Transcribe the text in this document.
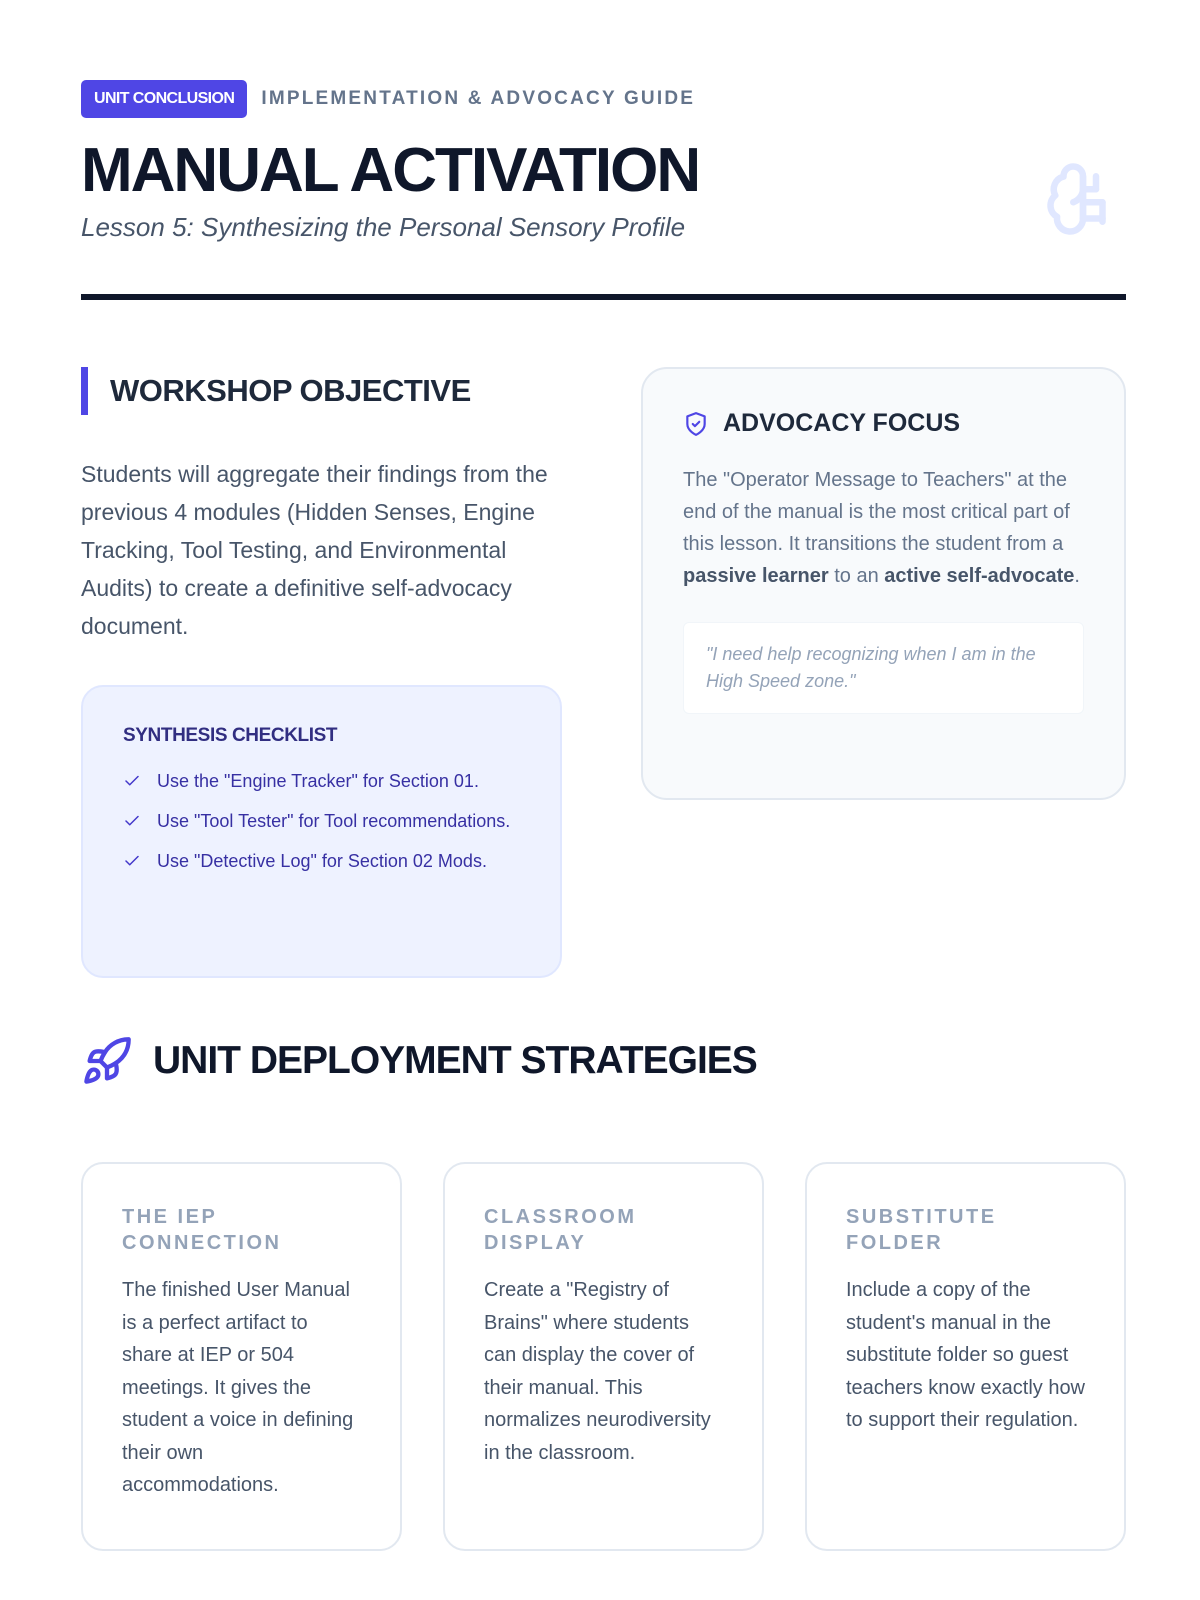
UNIT CONCLUSION	IMPLEMENTATION & ADVOCACY GUIDE
MANUAL ACTIVATION
Lesson 5: Synthesizing the Personal Sensory Profile
WORKSHOP OBJECTIVE

Students will aggregate their findings from the previous 4 modules (Hidden Senses, Engine Tracking, Tool Testing, and Environmental Audits) to create a definitive self-advocacy document.

SYNTHESIS CHECKLIST
Use the "Engine Tracker" for Section 01.
Use "Tool Tester" for Tool recommendations.
Use "Detective Log" for Section 02 Mods.
ADVOCACY FOCUS

The "Operator Message to Teachers" at the end of the manual is the most critical part of this lesson. It transitions the student from a passive learner to an active self-advocate.

"I need help recognizing when I am in the High Speed zone."
UNIT DEPLOYMENT STRATEGIES
THE IEP CONNECTION

The finished User Manual is a perfect artifact to share at IEP or 504 meetings. It gives the student a voice in defining their own accommodations.

CLASSROOM DISPLAY

Create a "Registry of Brains" where students can display the cover of their manual. This normalizes neurodiversity in the classroom.

SUBSTITUTE FOLDER

Include a copy of the student's manual in the substitute folder so guest teachers know exactly how to support their regulation.
